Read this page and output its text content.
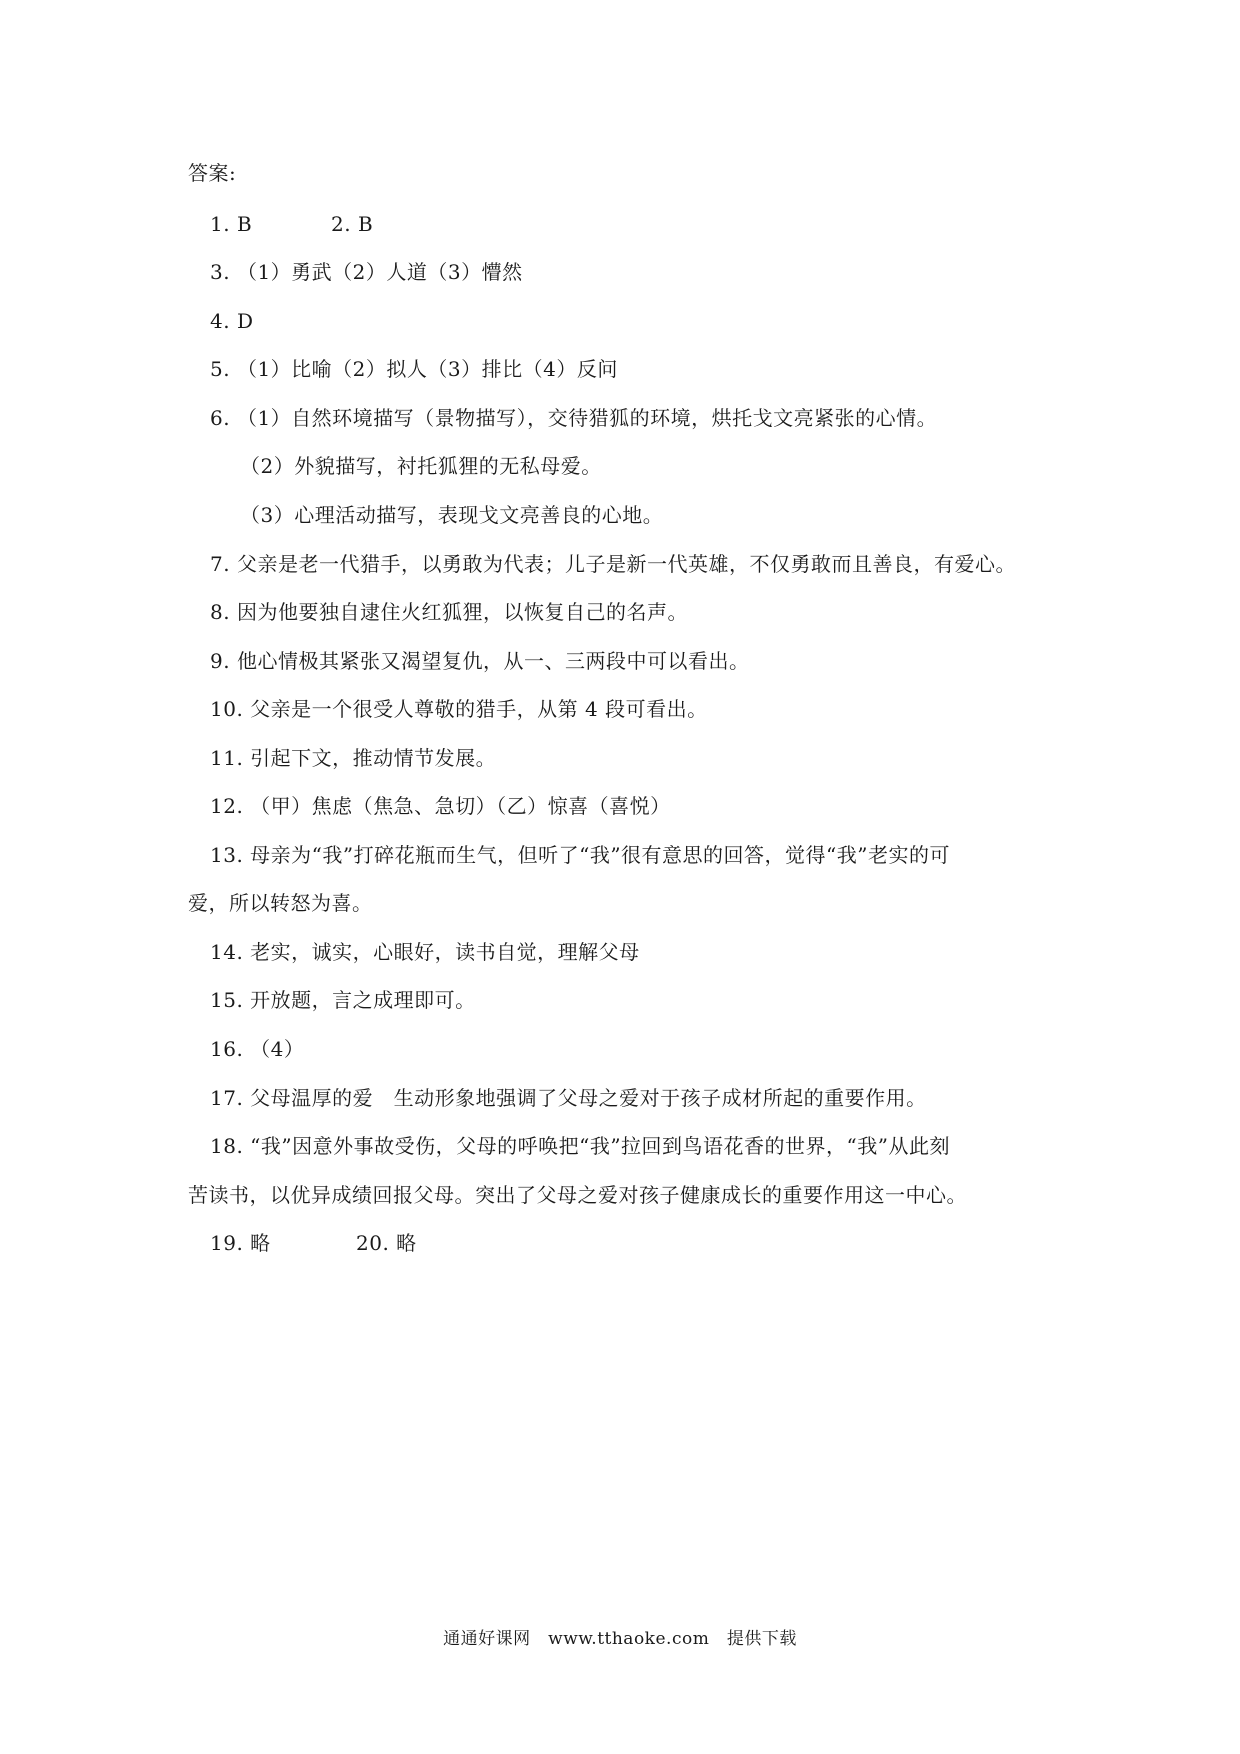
答案:
1. B	2. B
3. （1）勇武（2）人道（3）懵然
4. D
5. （1）比喻（2）拟人（3）排比（4）反问
6. （1）自然环境描写（景物描写），交待猎狐的环境，烘托戈文亮紧张的心情。
（2）外貌描写，衬托狐狸的无私母爱。
（3）心理活动描写，表现戈文亮善良的心地。
7. 父亲是老一代猎手，以勇敢为代表；儿子是新一代英雄，不仅勇敢而且善良，有爱心。
8. 因为他要独自逮住火红狐狸，以恢复自己的名声。
9. 他心情极其紧张又渴望复仇，从一、三两段中可以看出。
10. 父亲是一个很受人尊敬的猎手，从第 4 段可看出。
11. 引起下文，推动情节发展。
12. （甲）焦虑（焦急、急切）（乙）惊喜（喜悦）
13. 母亲为“我”打碎花瓶而生气，但听了“我”很有意思的回答，觉得“我”老实的可
爱，所以转怒为喜。
14. 老实，诚实，心眼好，读书自觉，理解父母
15. 开放题，言之成理即可。
16. （4）
17. 父母温厚的爱　生动形象地强调了父母之爱对于孩子成材所起的重要作用。
18. “我”因意外事故受伤，父母的呼唤把“我”拉回到鸟语花香的世界，“我”从此刻
苦读书，以优异成绩回报父母。突出了父母之爱对孩子健康成长的重要作用这一中心。
19. 略	20. 略
通通好课网　www.tthaoke.com　提供下载
